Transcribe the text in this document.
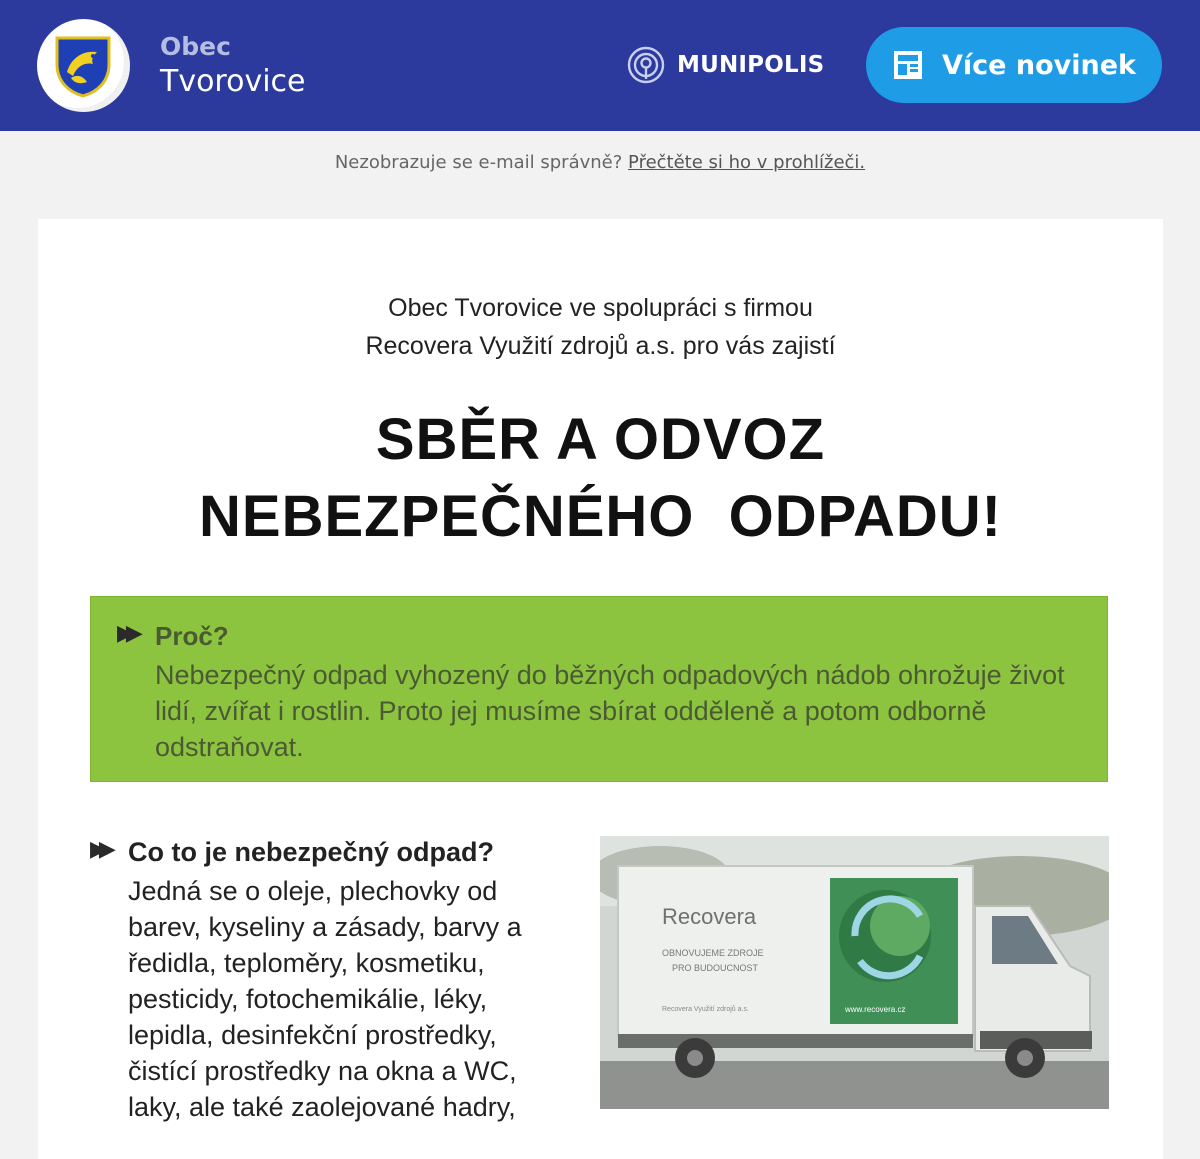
Obec
Tvorovice	MUNIPOLIS	Více novinek
Nezobrazuje se e-mail správně? Přečtěte si ho v prohlížeči.
Obec Tvorovice ve spolupráci s firmou
Recovera Využití zdrojů a.s. pro vás zajistí
SBĚR A ODVOZ
NEBEZPEČNÉHO  ODPADU!
▶▶ Proč?
Nebezpečný odpad vyhozený do běžných odpadových nádob ohrožuje život lidí, zvířat i rostlin. Proto jej musíme sbírat odděleně a potom odborně odstraňovat.
▶▶ Co to je nebezpečný odpad?
Jedná se o oleje, plechovky od barev, kyseliny a zásady, barvy a ředidla, teploměry, kosmetiku, pesticidy, fotochemikálie, léky, lepidla, desinfekční prostředky, čistící prostředky na okna a WC, laky, ale také zaolejované hadry,
Recovera
OBNOVUJEME ZDROJE
PRO BUDOUCNOST
Recovera Využití zdrojů a.s.	www.recovera.cz
